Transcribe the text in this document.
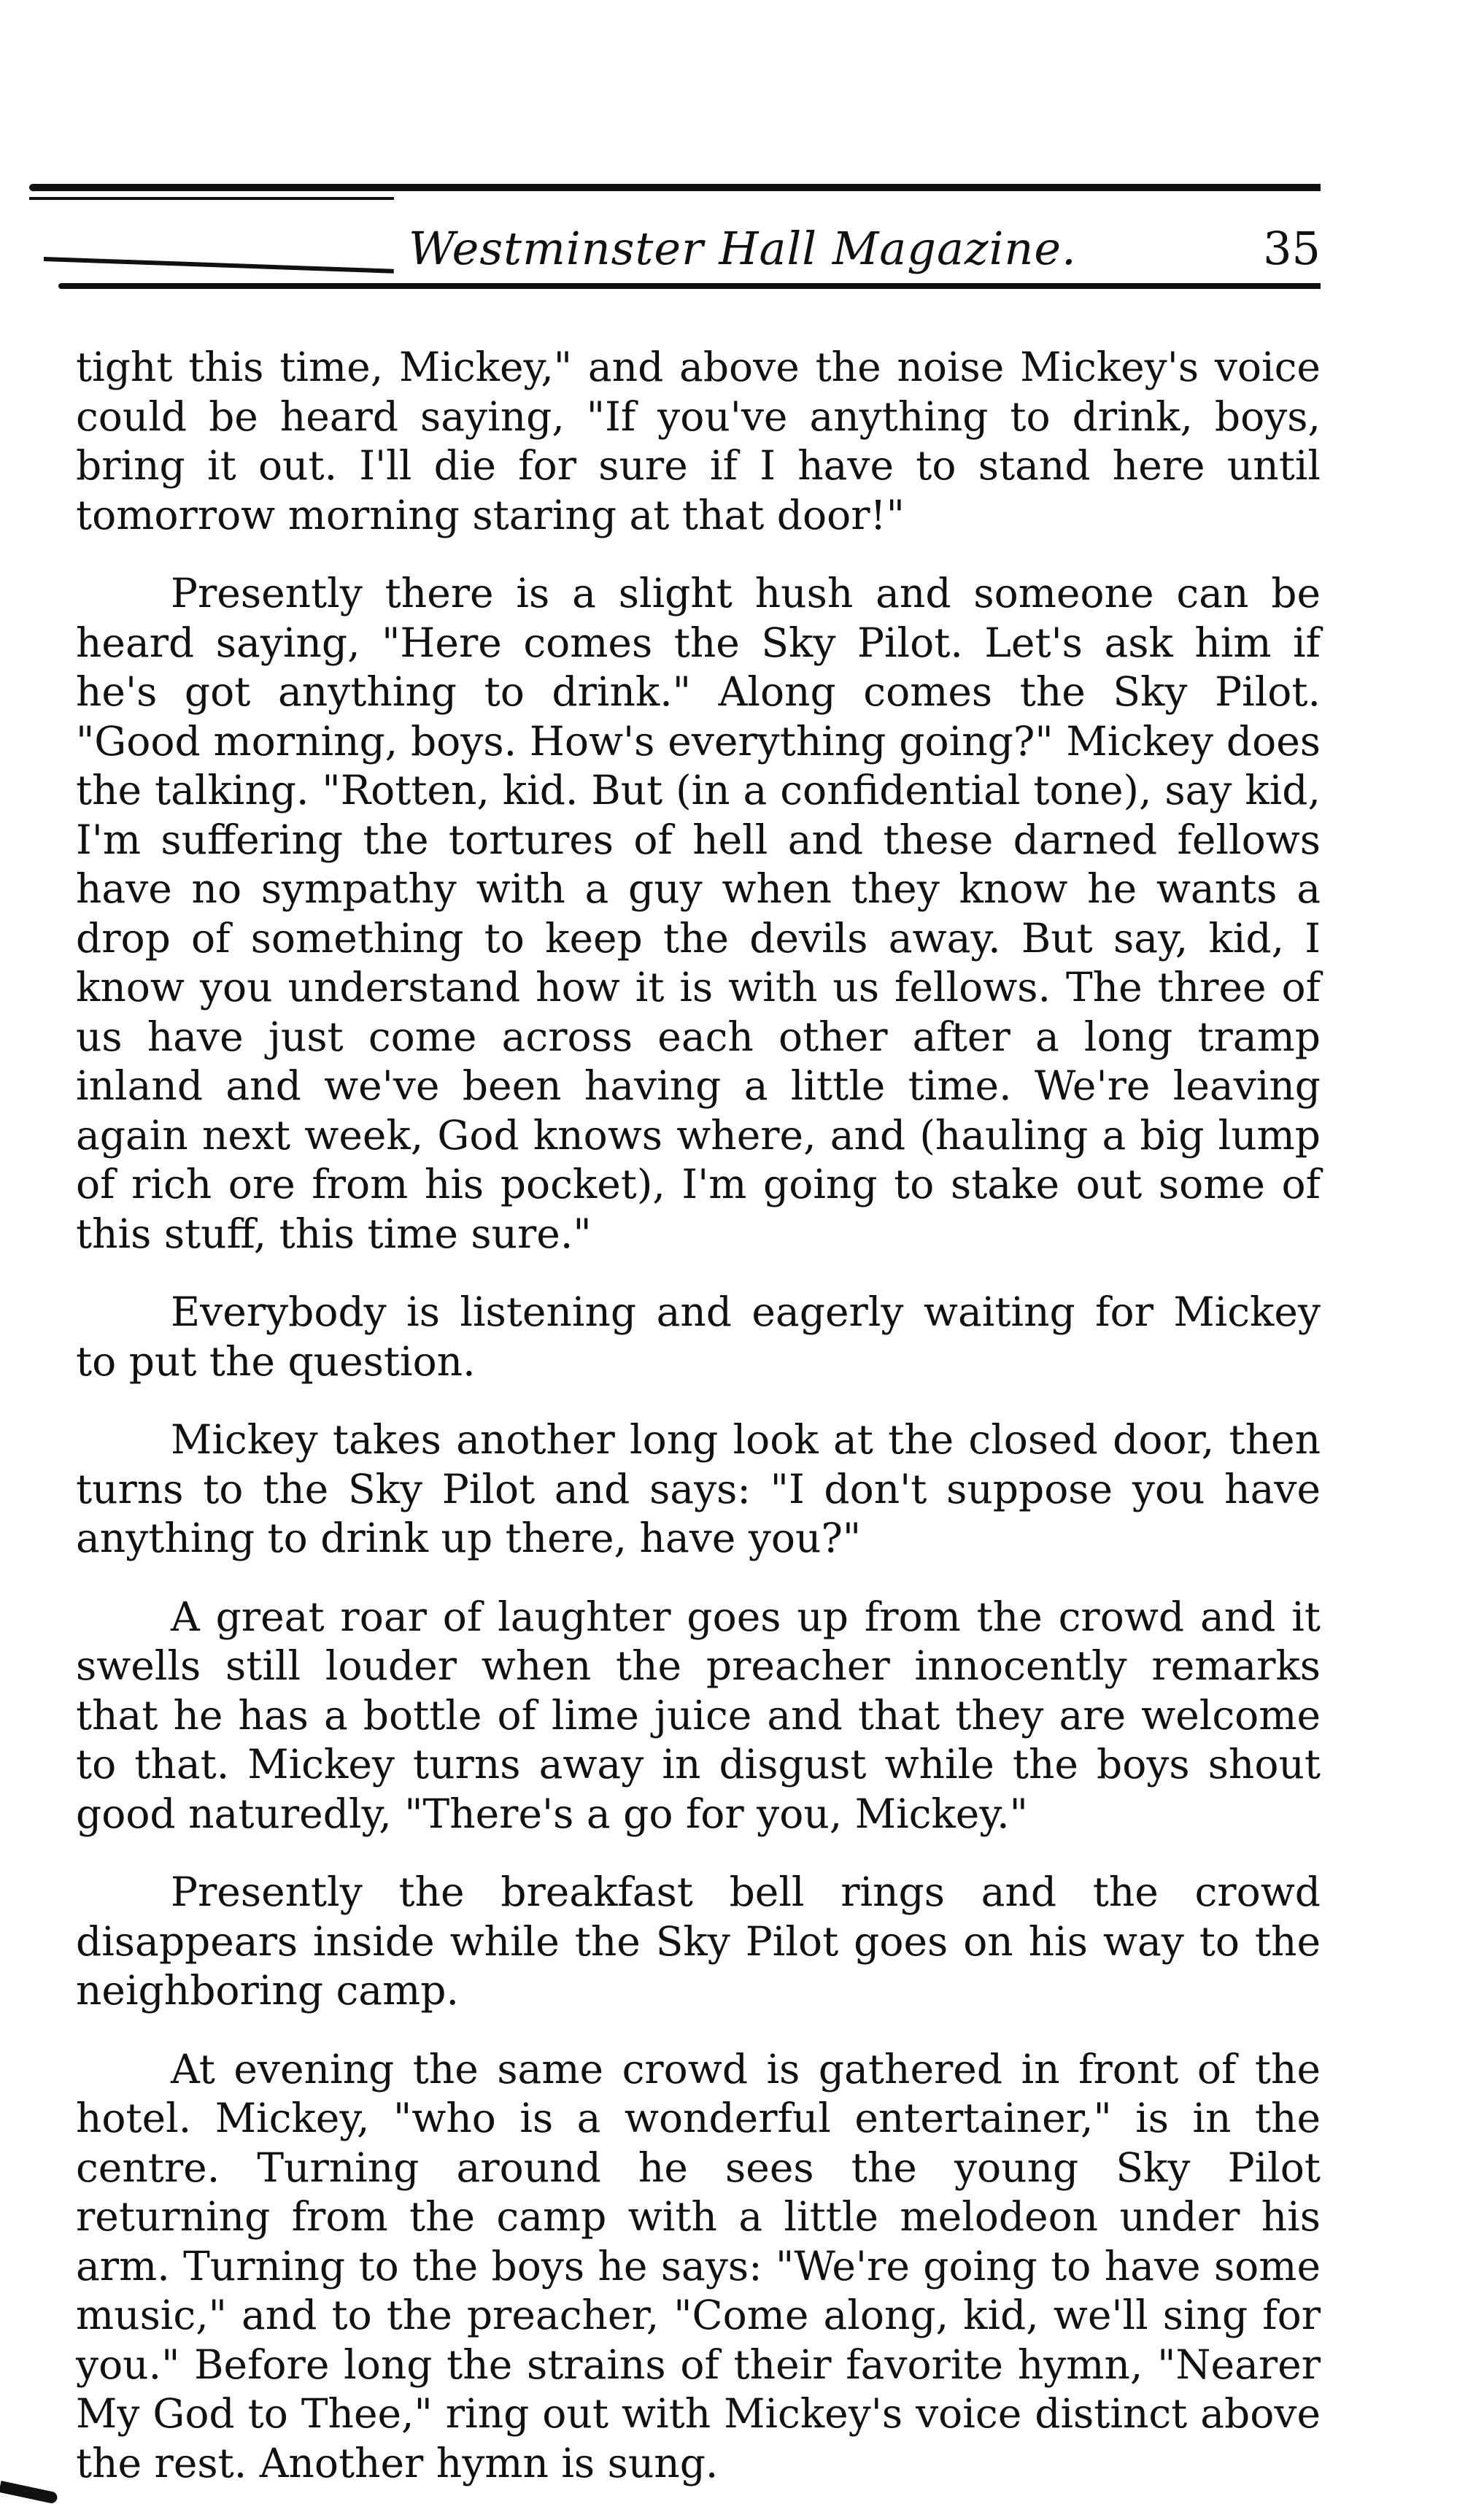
Westminster Hall Magazine.	35

tight this time, Mickey," and above the noise Mickey's voice could be heard saying, "If you've anything to drink, boys, bring it out. I'll die for sure if I have to stand here until tomorrow morning staring at that door!"

Presently there is a slight hush and someone can be heard saying, "Here comes the Sky Pilot. Let's ask him if he's got anything to drink." Along comes the Sky Pilot. "Good morning, boys. How's everything going?" Mickey does the talking. "Rotten, kid. But (in a confidential tone), say kid, I'm suffering the tortures of hell and these darned fellows have no sympathy with a guy when they know he wants a drop of something to keep the devils away. But say, kid, I know you understand how it is with us fellows. The three of us have just come across each other after a long tramp inland and we've been having a little time. We're leaving again next week, God knows where, and (hauling a big lump of rich ore from his pocket), I'm going to stake out some of this stuff, this time sure."

Everybody is listening and eagerly waiting for Mickey to put the question.

Mickey takes another long look at the closed door, then turns to the Sky Pilot and says: "I don't suppose you have anything to drink up there, have you?"

A great roar of laughter goes up from the crowd and it swells still louder when the preacher innocently remarks that he has a bottle of lime juice and that they are welcome to that. Mickey turns away in disgust while the boys shout good naturedly, "There's a go for you, Mickey."

Presently the breakfast bell rings and the crowd disappears inside while the Sky Pilot goes on his way to the neighboring camp.

At evening the same crowd is gathered in front of the hotel. Mickey, "who is a wonderful entertainer," is in the centre. Turning around he sees the young Sky Pilot returning from the camp with a little melodeon under his arm. Turning to the boys he says: "We're going to have some music," and to the preacher, "Come along, kid, we'll sing for you." Before long the strains of their favorite hymn, "Nearer My God to Thee," ring out with Mickey's voice distinct above the rest. Another hymn is sung.
